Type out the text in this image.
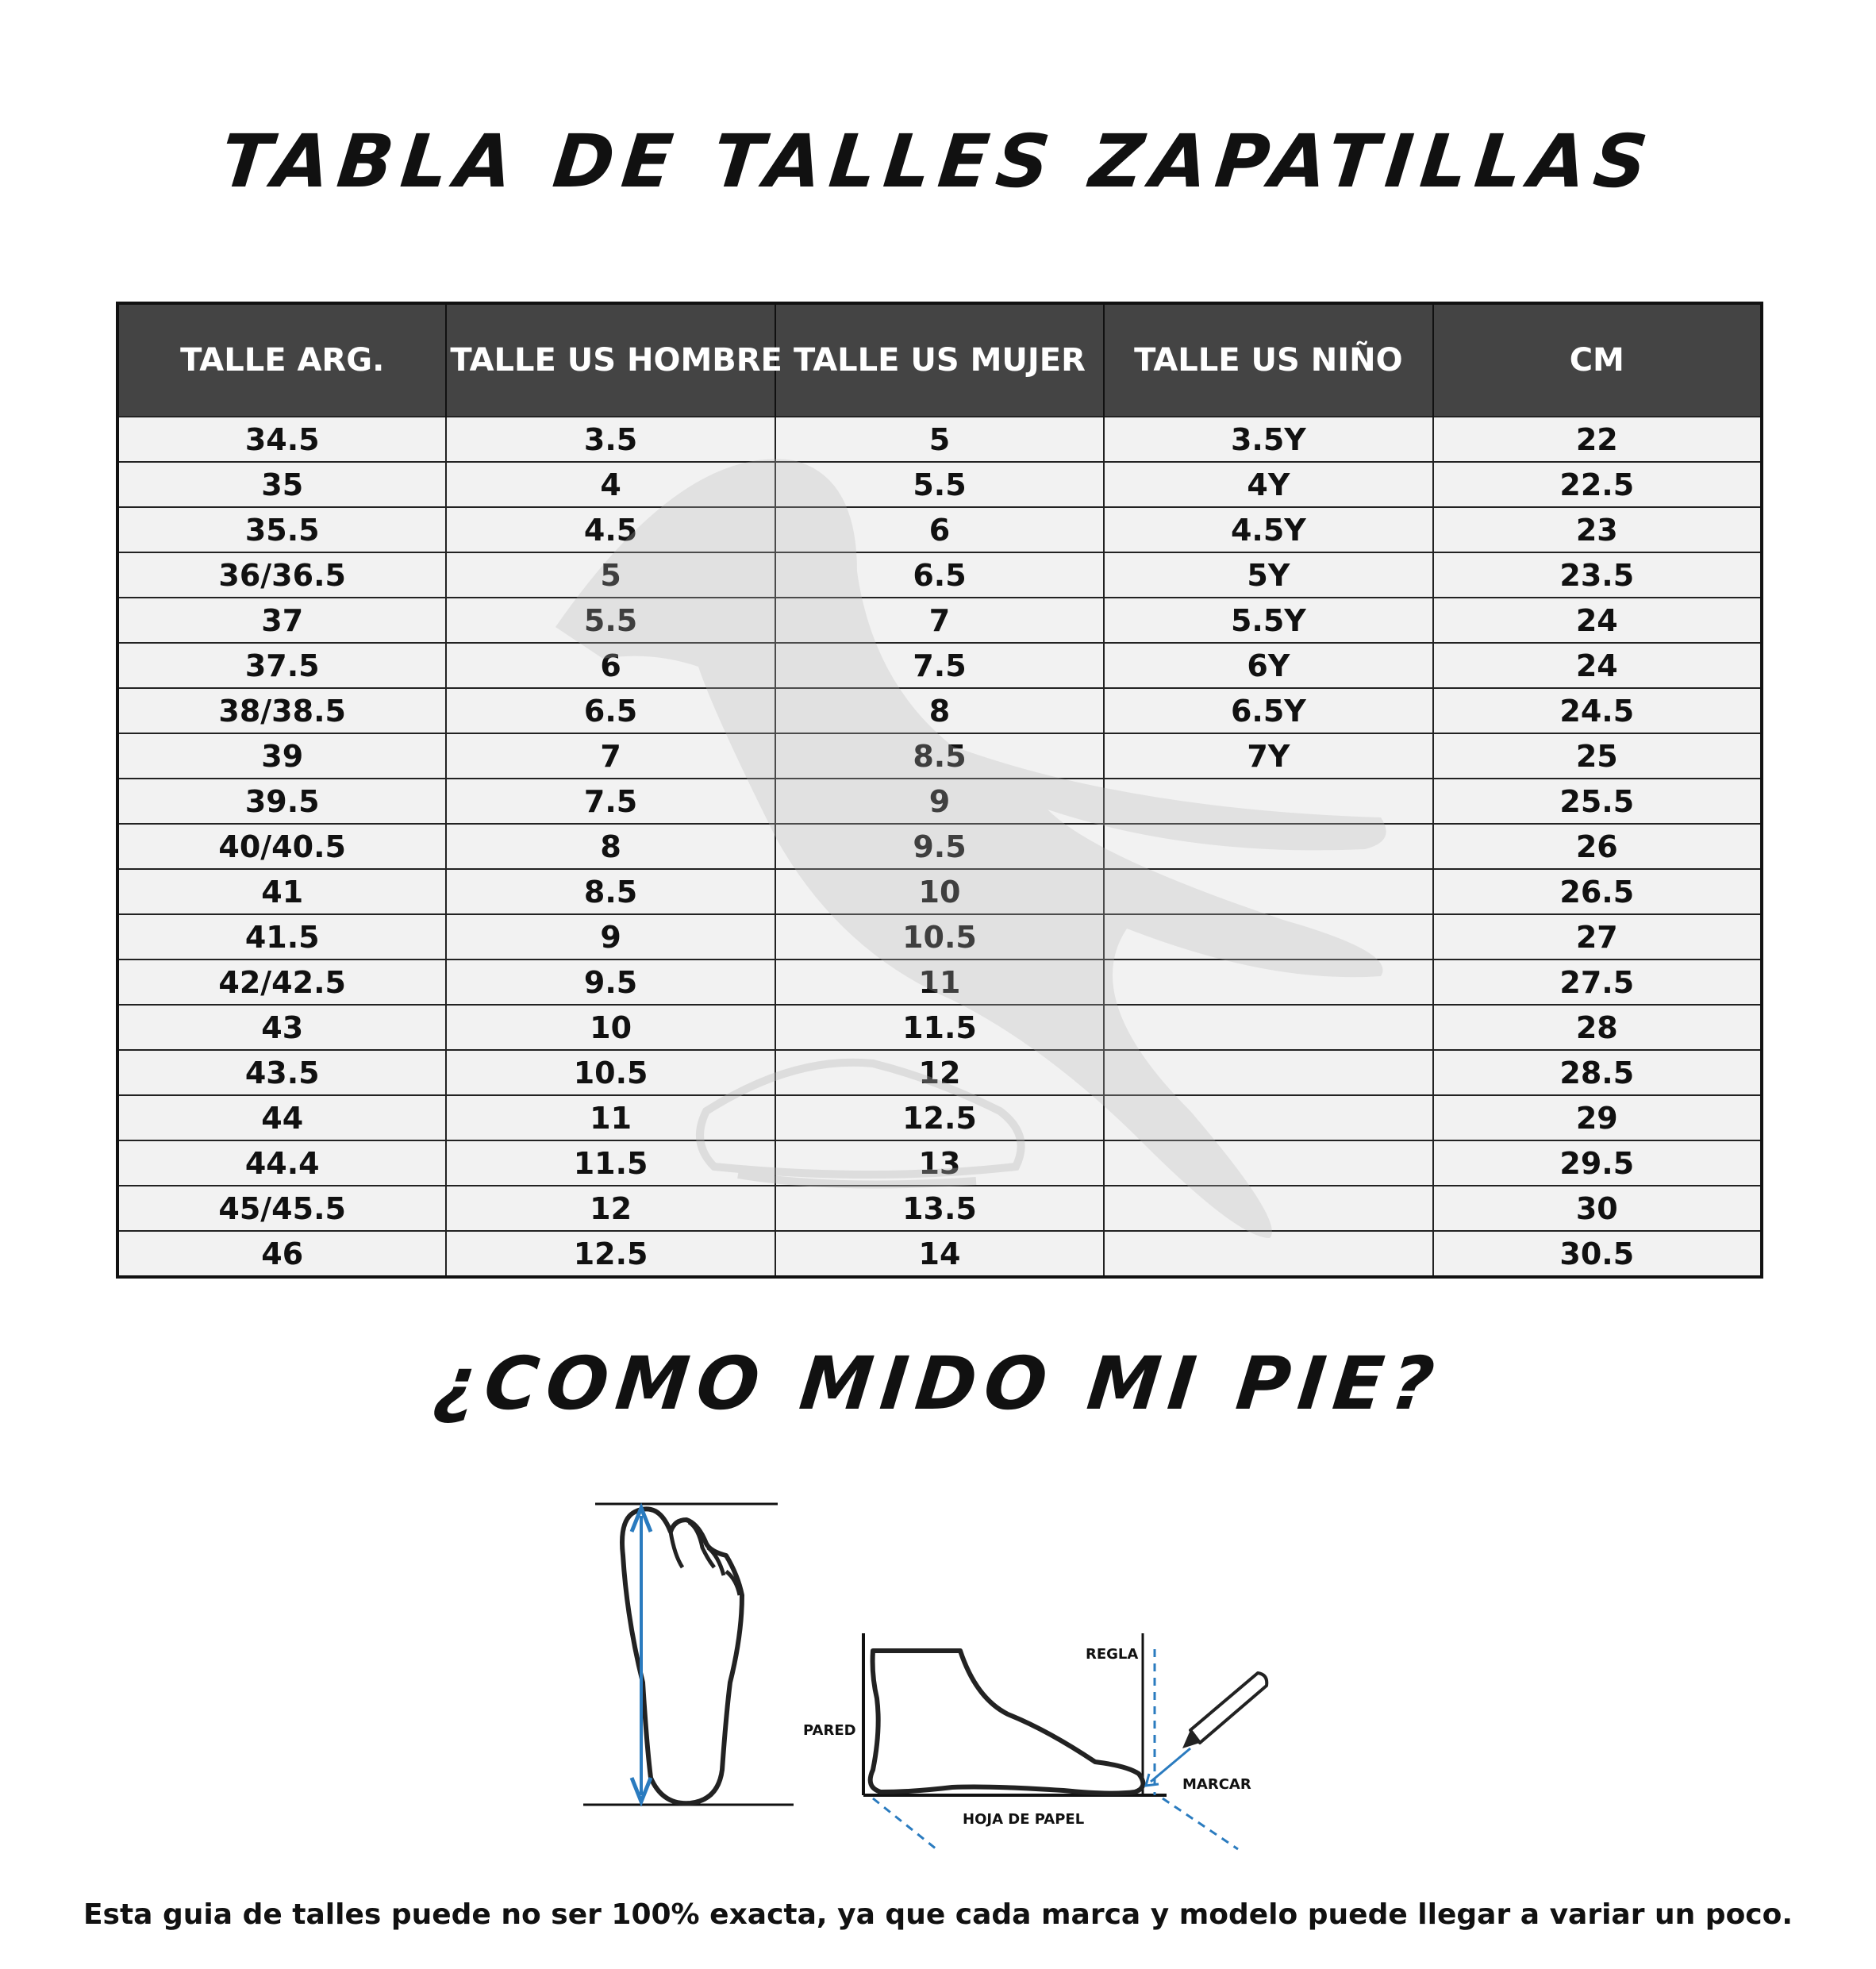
TABLA DE TALLES ZAPATILLAS
TALLE ARG.	TALLE US HOMBRE	TALLE US MUJER	TALLE US NIÑO	CM
34.5	3.5	5	3.5Y	22
35	4	5.5	4Y	22.5
35.5	4.5	6	4.5Y	23
36/36.5	5	6.5	5Y	23.5
37	5.5	7	5.5Y	24
37.5	6	7.5	6Y	24
38/38.5	6.5	8	6.5Y	24.5
39	7	8.5	7Y	25
39.5	7.5	9		25.5
40/40.5	8	9.5		26
41	8.5	10		26.5
41.5	9	10.5		27
42/42.5	9.5	11		27.5
43	10	11.5		28
43.5	10.5	12		28.5
44	11	12.5		29
44.4	11.5	13		29.5
45/45.5	12	13.5		30
46	12.5	14		30.5
¿COMO MIDO MI PIE?
PARED
REGLA
MARCAR
HOJA DE PAPEL
Esta guia de talles puede no ser 100% exacta, ya que cada marca y modelo puede llegar a variar un poco.
